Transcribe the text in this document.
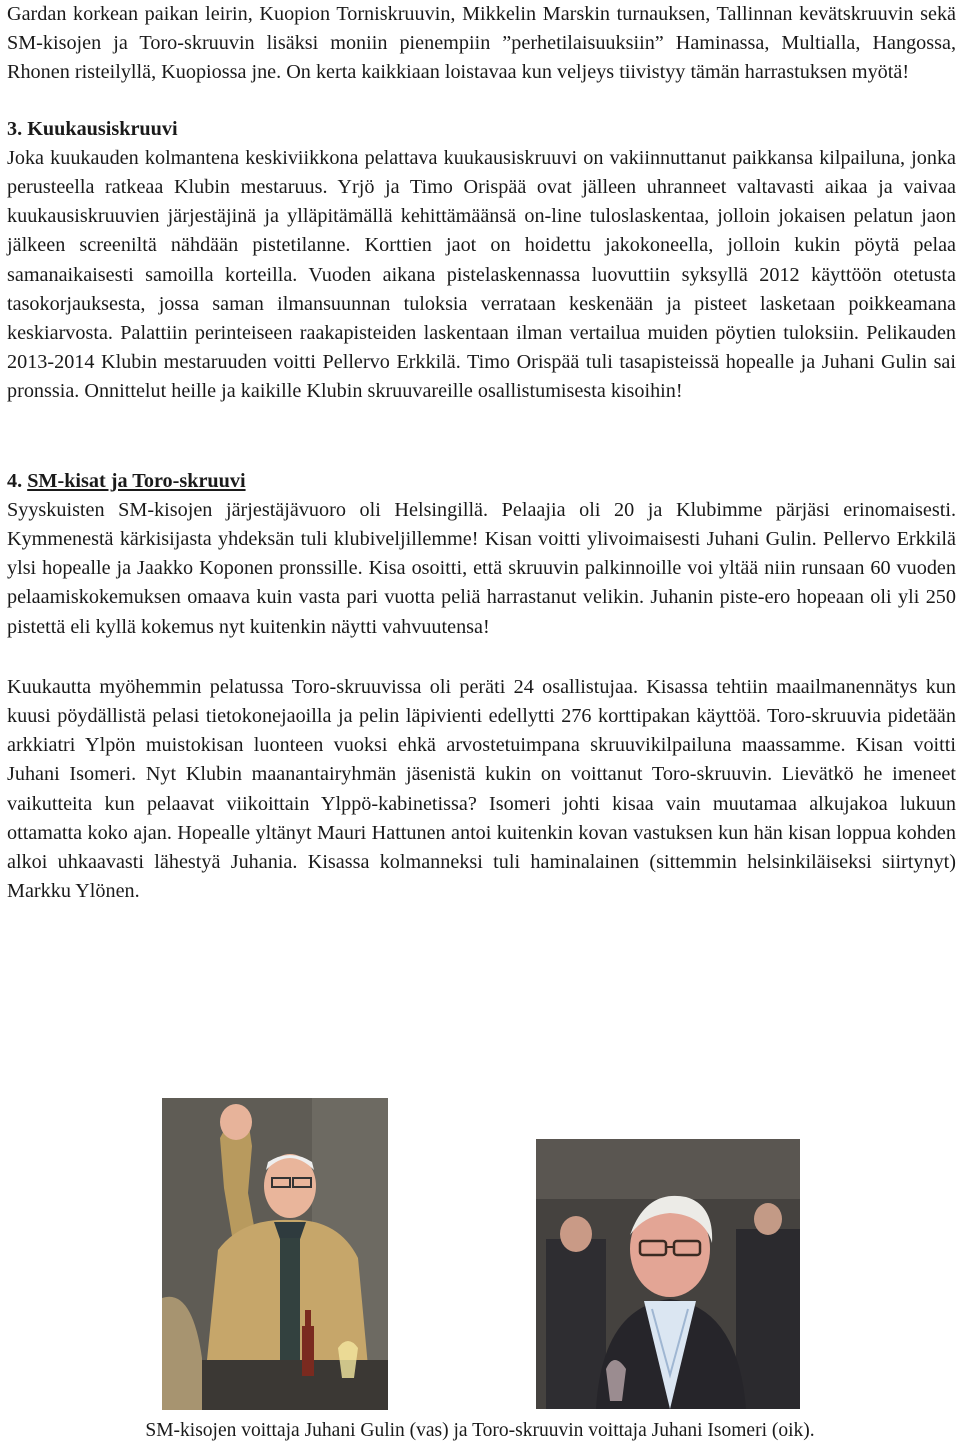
Gardan korkean paikan leirin, Kuopion Torniskruuvin, Mikkelin Marskin turnauksen, Tallinnan kevätskruuvin sekä SM-kisojen ja Toro-skruuvin lisäksi moniin pienempiin ”perhetilaisuuksiin” Haminassa, Multialla, Hangossa, Rhonen risteilyllä, Kuopiossa jne. On kerta kaikkiaan loistavaa kun veljeys tiivistyy tämän harrastuksen myötä!

3. Kuukausiskruuvi

Joka kuukauden kolmantena keskiviikkona pelattava kuukausiskruuvi on vakiinnuttanut paikkansa kilpailuna, jonka perusteella ratkeaa Klubin mestaruus. Yrjö ja Timo Orispää ovat jälleen uhranneet valtavasti aikaa ja vaivaa kuukausiskruuvien järjestäjinä ja ylläpitämällä kehittämäänsä on-line tuloslaskentaa, jolloin jokaisen pelatun jaon jälkeen screeniltä nähdään pistetilanne. Korttien jaot on hoidettu jakokoneella, jolloin kukin pöytä pelaa samanaikaisesti samoilla korteilla. Vuoden aikana pistelaskennassa luovuttiin syksyllä 2012 käyttöön otetusta tasokorjauksesta, jossa saman ilmansuunnan tuloksia verrataan keskenään ja pisteet lasketaan poikkeamana keskiarvosta. Palattiin perinteiseen raakapisteiden laskentaan ilman vertailua muiden pöytien tuloksiin. Pelikauden 2013-2014 Klubin mestaruuden voitti Pellervo Erkkilä. Timo Orispää tuli tasapisteissä hopealle ja Juhani Gulin sai pronssia. Onnittelut heille ja kaikille Klubin skruuvareille osallistumisesta kisoihin!

4. SM-kisat ja Toro-skruuvi

Syyskuisten SM-kisojen järjestäjävuoro oli Helsingillä. Pelaajia oli 20 ja Klubimme pärjäsi erinomaisesti. Kymmenestä kärkisijasta yhdeksän tuli klubiveljillemme! Kisan voitti ylivoimaisesti Juhani Gulin. Pellervo Erkkilä ylsi hopealle ja Jaakko Koponen pronssille. Kisa osoitti, että skruuvin palkinnoille voi yltää niin runsaan 60 vuoden pelaamiskokemuksen omaava kuin vasta pari vuotta peliä harrastanut velikin. Juhanin piste-ero hopeaan oli yli 250 pistettä eli kyllä kokemus nyt kuitenkin näytti vahvuutensa!

Kuukautta myöhemmin pelatussa Toro-skruuvissa oli peräti 24 osallistujaa. Kisassa tehtiin maailmanennätys kun kuusi pöydällistä pelasi tietokonejaoilla ja pelin läpivienti edellytti 276 korttipakan käyttöä. Toro-skruuvia pidetään arkkiatri Ylpön muistokisan luonteen vuoksi ehkä arvostetuimpana skruuvikilpailuna maassamme. Kisan voitti Juhani Isomeri. Nyt Klubin maanantairyhmän jäsenistä kukin on voittanut Toro-skruuvin. Lievätkö he imeneet vaikutteita kun pelaavat viikoittain Ylppö-kabinetissa? Isomeri johti kisaa vain muutamaa alkujakoa lukuun ottamatta koko ajan. Hopealle yltänyt Mauri Hattunen antoi kuitenkin kovan vastuksen kun hän kisan loppua kohden alkoi uhkaavasti lähestyä Juhania. Kisassa kolmanneksi tuli haminalainen (sittemmin helsinkiläiseksi siirtynyt) Markku Ylönen.

SM-kisojen voittaja Juhani Gulin (vas) ja Toro-skruuvin voittaja Juhani Isomeri (oik).
